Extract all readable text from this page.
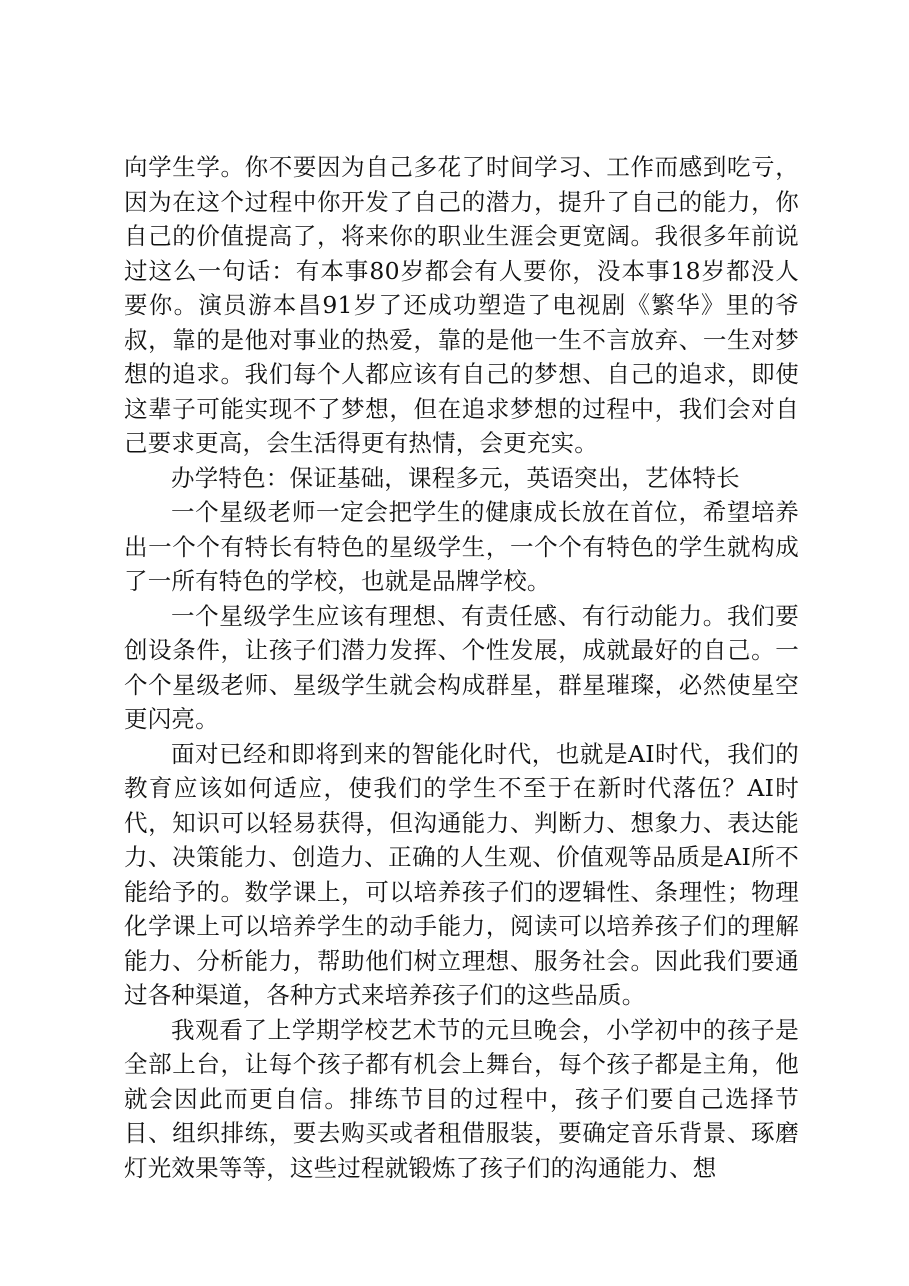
向学生学。你不要因为自己多花了时间学习、工作而感到吃亏，因为在这个过程中你开发了自己的潜力，提升了自己的能力，你自己的价值提高了，将来你的职业生涯会更宽阔。我很多年前说过这么一句话：有本事80岁都会有人要你，没本事18岁都没人要你。演员游本昌91岁了还成功塑造了电视剧《繁华》里的爷叔，靠的是他对事业的热爱，靠的是他一生不言放弃、一生对梦想的追求。我们每个人都应该有自己的梦想、自己的追求，即使这辈子可能实现不了梦想，但在追求梦想的过程中，我们会对自己要求更高，会生活得更有热情，会更充实。

办学特色：保证基础，课程多元，英语突出，艺体特长

一个星级老师一定会把学生的健康成长放在首位，希望培养出一个个有特长有特色的星级学生，一个个有特色的学生就构成了一所有特色的学校，也就是品牌学校。

一个星级学生应该有理想、有责任感、有行动能力。我们要创设条件，让孩子们潜力发挥、个性发展，成就最好的自己。一个个星级老师、星级学生就会构成群星，群星璀璨，必然使星空更闪亮。

面对已经和即将到来的智能化时代，也就是AI时代，我们的教育应该如何适应，使我们的学生不至于在新时代落伍？AI时代，知识可以轻易获得，但沟通能力、判断力、想象力、表达能力、决策能力、创造力、正确的人生观、价值观等品质是AI所不能给予的。数学课上，可以培养孩子们的逻辑性、条理性；物理化学课上可以培养学生的动手能力，阅读可以培养孩子们的理解能力、分析能力，帮助他们树立理想、服务社会。因此我们要通过各种渠道，各种方式来培养孩子们的这些品质。

我观看了上学期学校艺术节的元旦晚会，小学初中的孩子是全部上台，让每个孩子都有机会上舞台，每个孩子都是主角，他就会因此而更自信。排练节目的过程中，孩子们要自己选择节目、组织排练，要去购买或者租借服装，要确定音乐背景、琢磨灯光效果等等，这些过程就锻炼了孩子们的沟通能力、想
